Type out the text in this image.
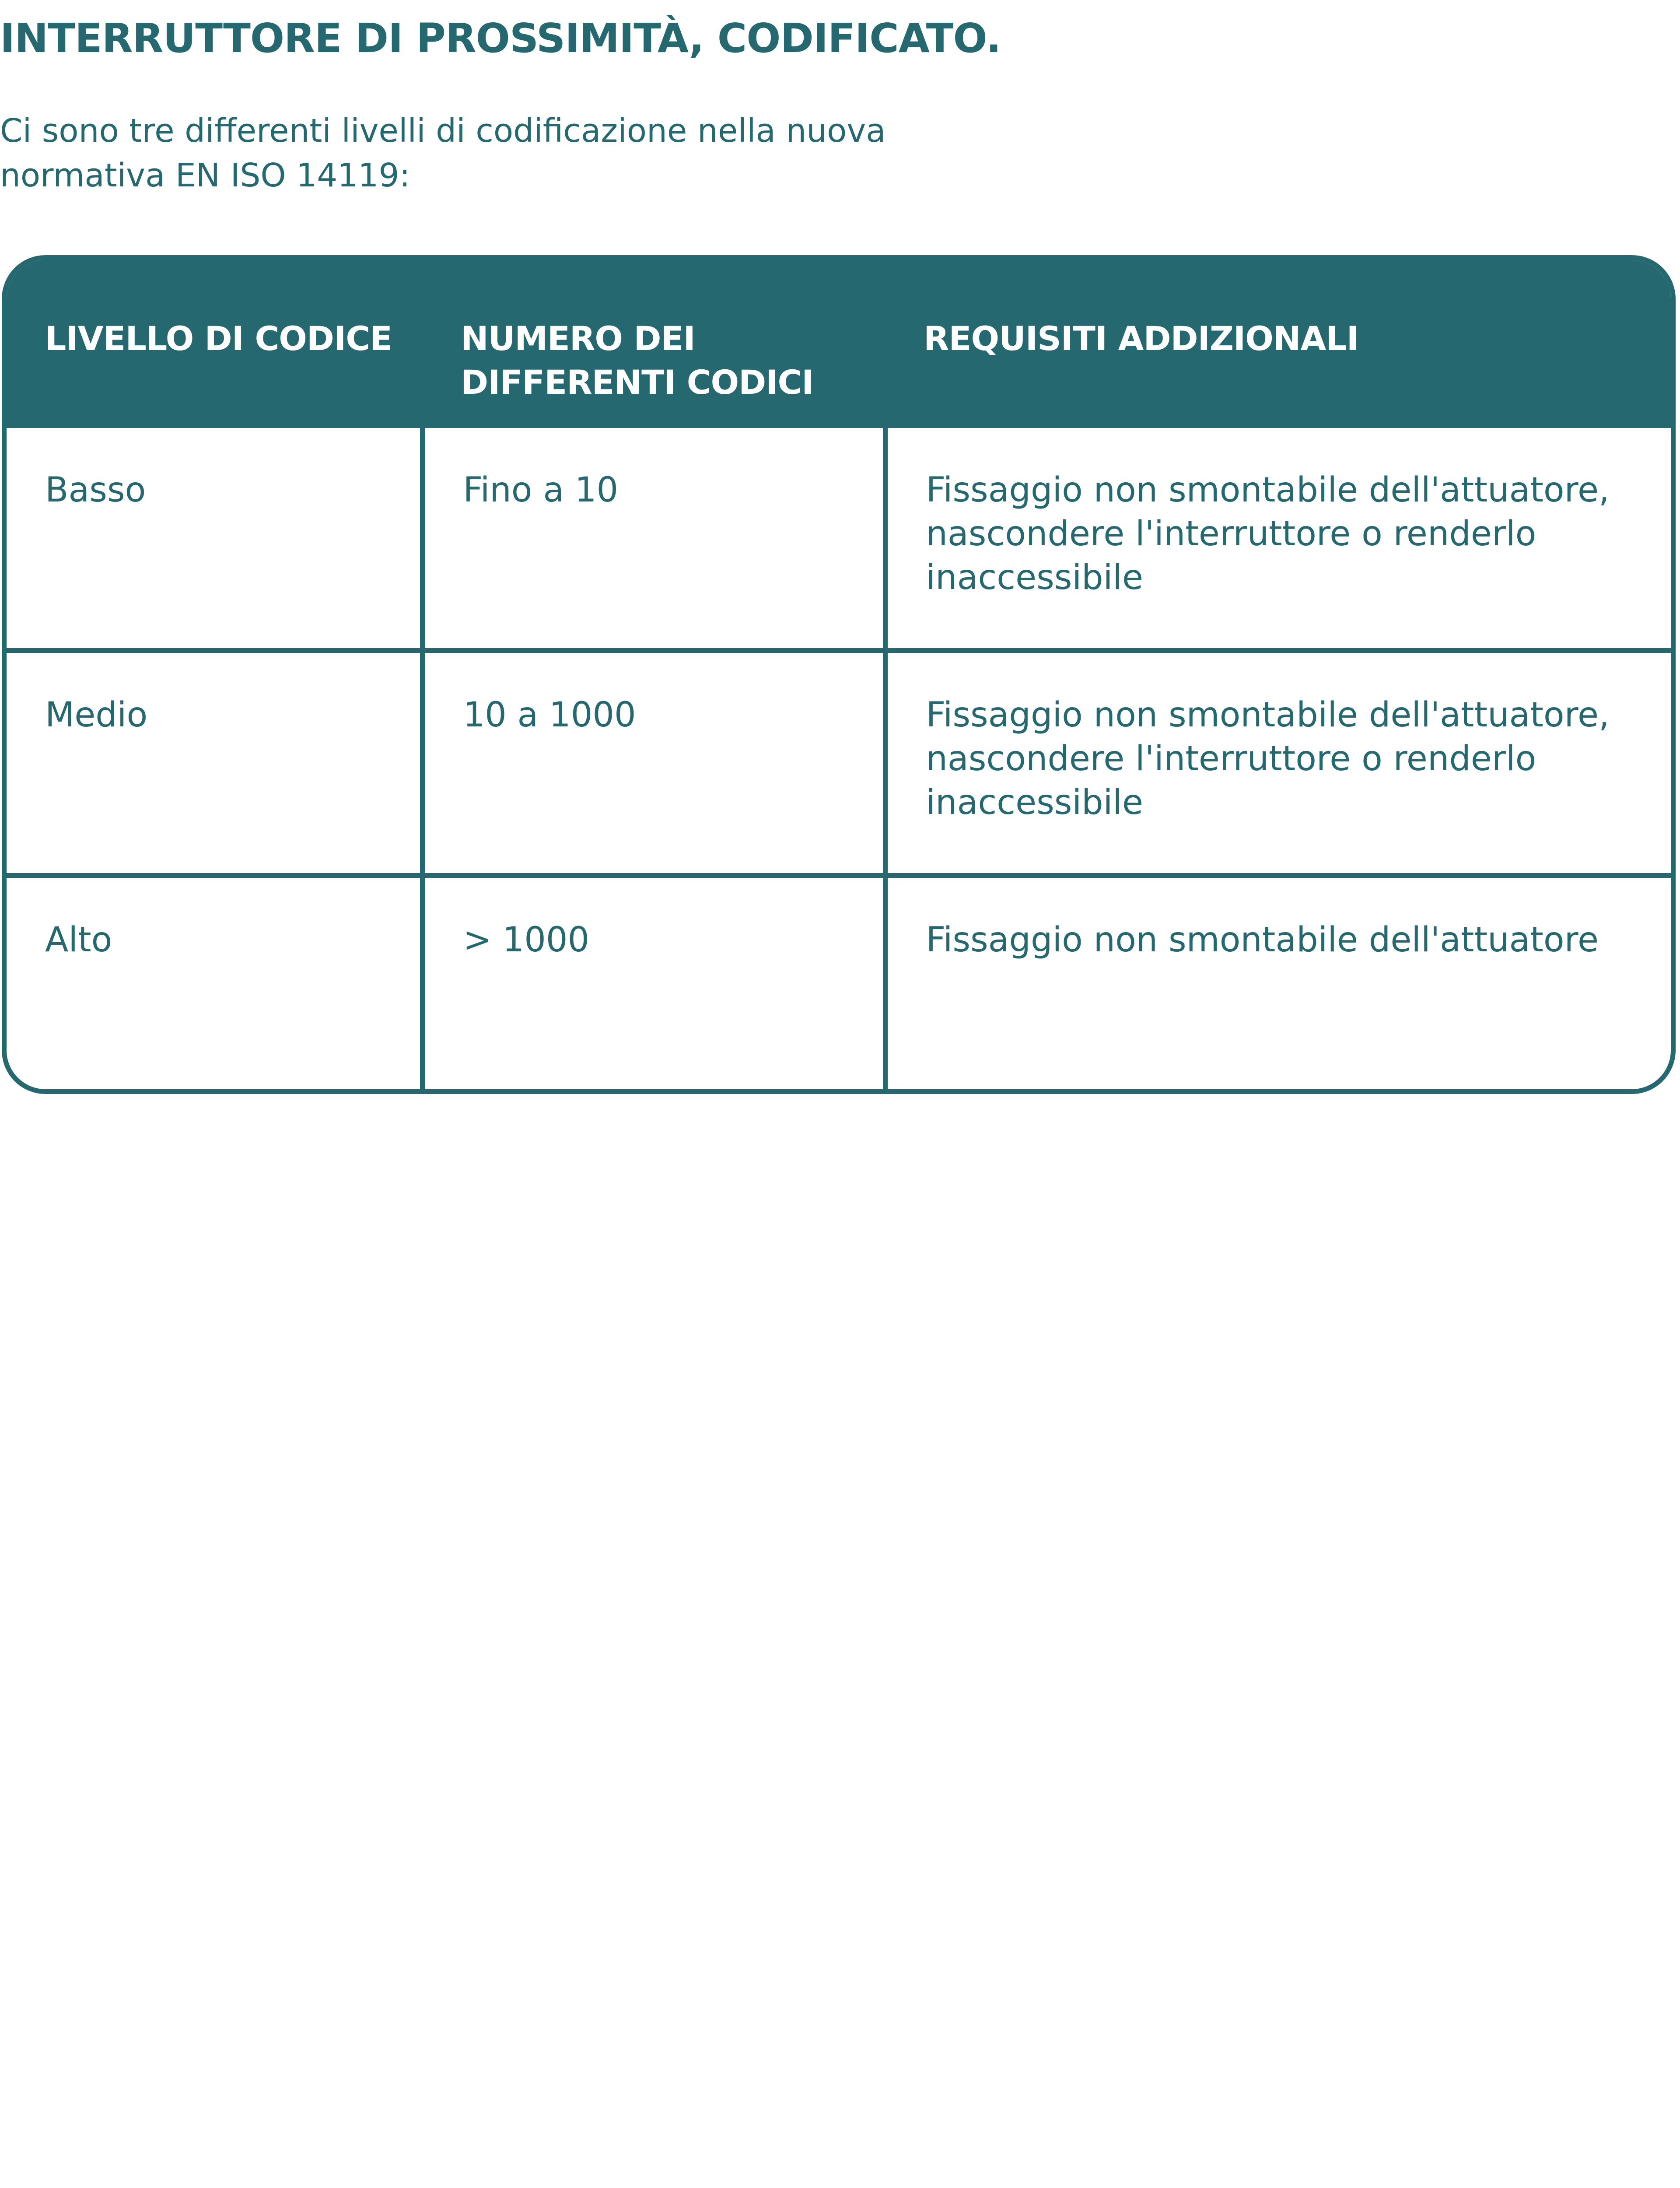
INTERRUTTORE DI PROSSIMITÀ, CODIFICATO.

Ci sono tre differenti livelli di codificazione nella nuova
normativa EN ISO 14119:

LIVELLO DI CODICE	NUMERO DEI DIFFERENTI CODICI	REQUISITI ADDIZIONALI
Basso	Fino a 10	Fissaggio non smontabile dell'attuatore, nascondere l'interruttore o renderlo inaccessibile
Medio	10 a 1000	Fissaggio non smontabile dell'attuatore, nascondere l'interruttore o renderlo inaccessibile
Alto	> 1000	Fissaggio non smontabile dell'attuatore
